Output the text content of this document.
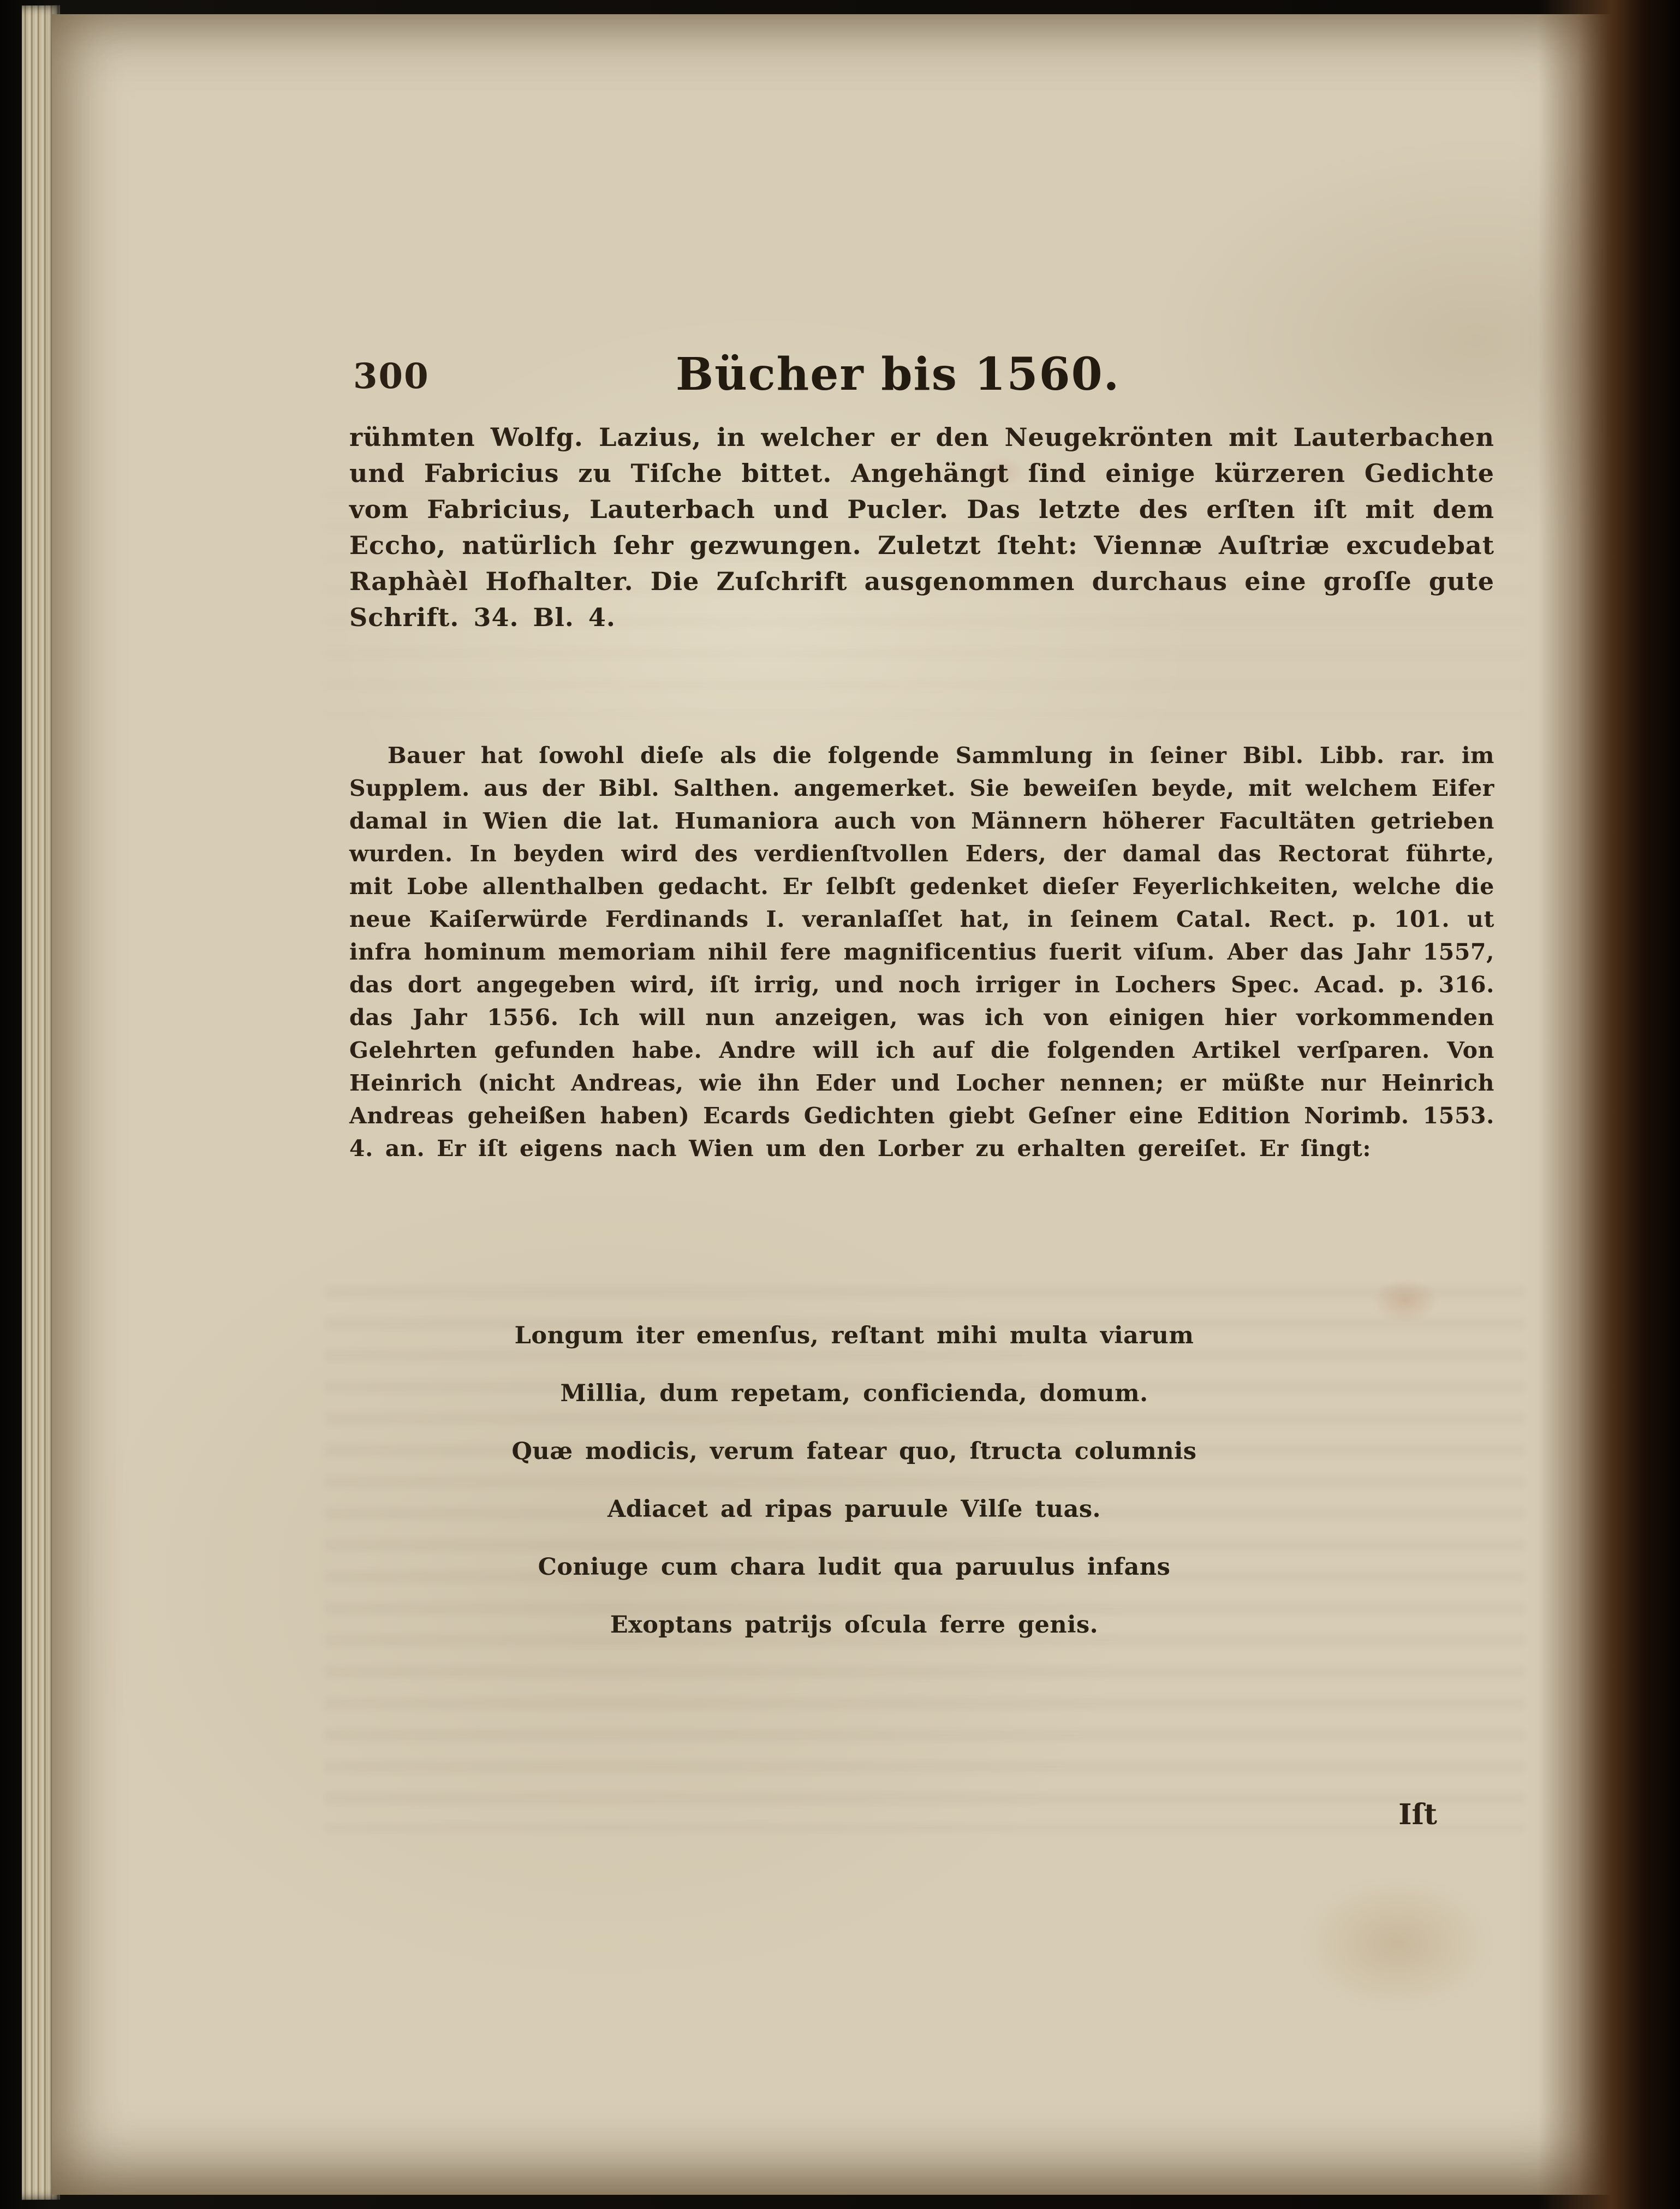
300	Bücher bis 1560.

rühmten Wolfg. Lazius, in welcher er den Neugekrönten mit Lauterbachen und Fabricius zu Tiſche bittet. Angehängt ſind einige kürzeren Gedichte vom Fabricius, Lauterbach und Pucler. Das letzte des erſten iſt mit dem Eccho, natürlich ſehr gezwungen. Zuletzt ſteht: Viennæ Auſtriæ excudebat Raphàèl Hofhalter. Die Zuſchrift ausgenommen durchaus eine groſſe gute Schrift. 34. Bl. 4.

Bauer hat ſowohl dieſe als die folgende Sammlung in ſeiner Bibl. Libb. rar. im Supplem. aus der Bibl. Salthen. angemerket. Sie beweiſen beyde, mit welchem Eifer damal in Wien die lat. Humaniora auch von Männern höherer Facultäten getrieben wurden. In beyden wird des verdienſtvollen Eders, der damal das Rectorat führte, mit Lobe allenthalben gedacht. Er ſelbſt gedenket dieſer Feyerlichkeiten, welche die neue Kaiſerwürde Ferdinands I. veranlaſſet hat, in ſeinem Catal. Rect. p. 101. ut infra hominum memoriam nihil fere magnificentius fuerit viſum. Aber das Jahr 1557, das dort angegeben wird, iſt irrig, und noch irriger in Lochers Spec. Acad. p. 316. das Jahr 1556. Ich will nun anzeigen, was ich von einigen hier vorkommenden Gelehrten gefunden habe. Andre will ich auf die folgenden Artikel verſparen. Von Heinrich (nicht Andreas, wie ihn Eder und Locher nennen; er müßte nur Heinrich Andreas geheißen haben) Ecards Gedichten giebt Geſner eine Edition Norimb. 1553. 4. an. Er iſt eigens nach Wien um den Lorber zu erhalten gereiſet. Er ſingt:

Longum iter emenſus, reſtant mihi multa viarum
Millia, dum repetam, conficienda, domum.
Quæ modicis, verum fatear quo, ſtructa columnis
Adiacet ad ripas paruule Vilſe tuas.
Coniuge cum chara ludit qua paruulus infans
Exoptans patrijs oſcula ferre genis.
Iſt
